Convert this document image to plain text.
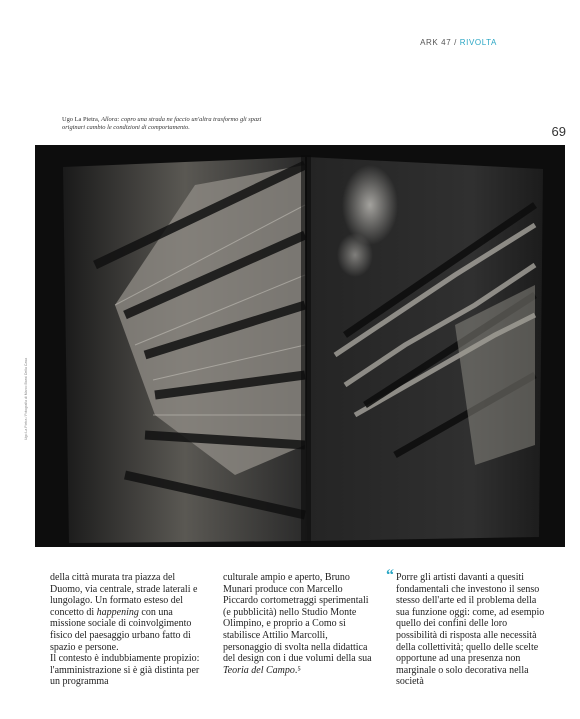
ARK 47 / RIVOLTA
69
Ugo La Pietra, Allora: copro una strada ne faccio un'altra trasformo gli spazi originari cambio le condizioni di comportamento.
Ugo La Pietra / Fotografia di Marco Bassi Della Casa

della città murata tra piazza del Duomo, via centrale, strade laterali e lungolago. Un formato esteso del concetto di happening con una missione sociale di coinvolgimento fisico del paesaggio urbano fatto di spazio e persone.

Il contesto è indubbiamente propizio: l'amministrazione si è già distinta per un programma

culturale ampio e aperto, Bruno Munari produce con Marcello Piccardo cortometraggi sperimentali (e pubblicità) nello Studio Monte Olimpino, e proprio a Como si stabilisce Attilio Marcolli, personaggio di svolta nella didattica del design con i due volumi della sua Teoria del Campo.⁵

“ Porre gli artisti davanti a quesiti fondamentali che investono il senso stesso dell'arte ed il problema della sua funzione oggi: come, ad esempio quello dei confini delle loro possibilità di risposta alle necessità della collettività; quello delle scelte opportune ad una presenza non marginale o solo decorativa nella società
